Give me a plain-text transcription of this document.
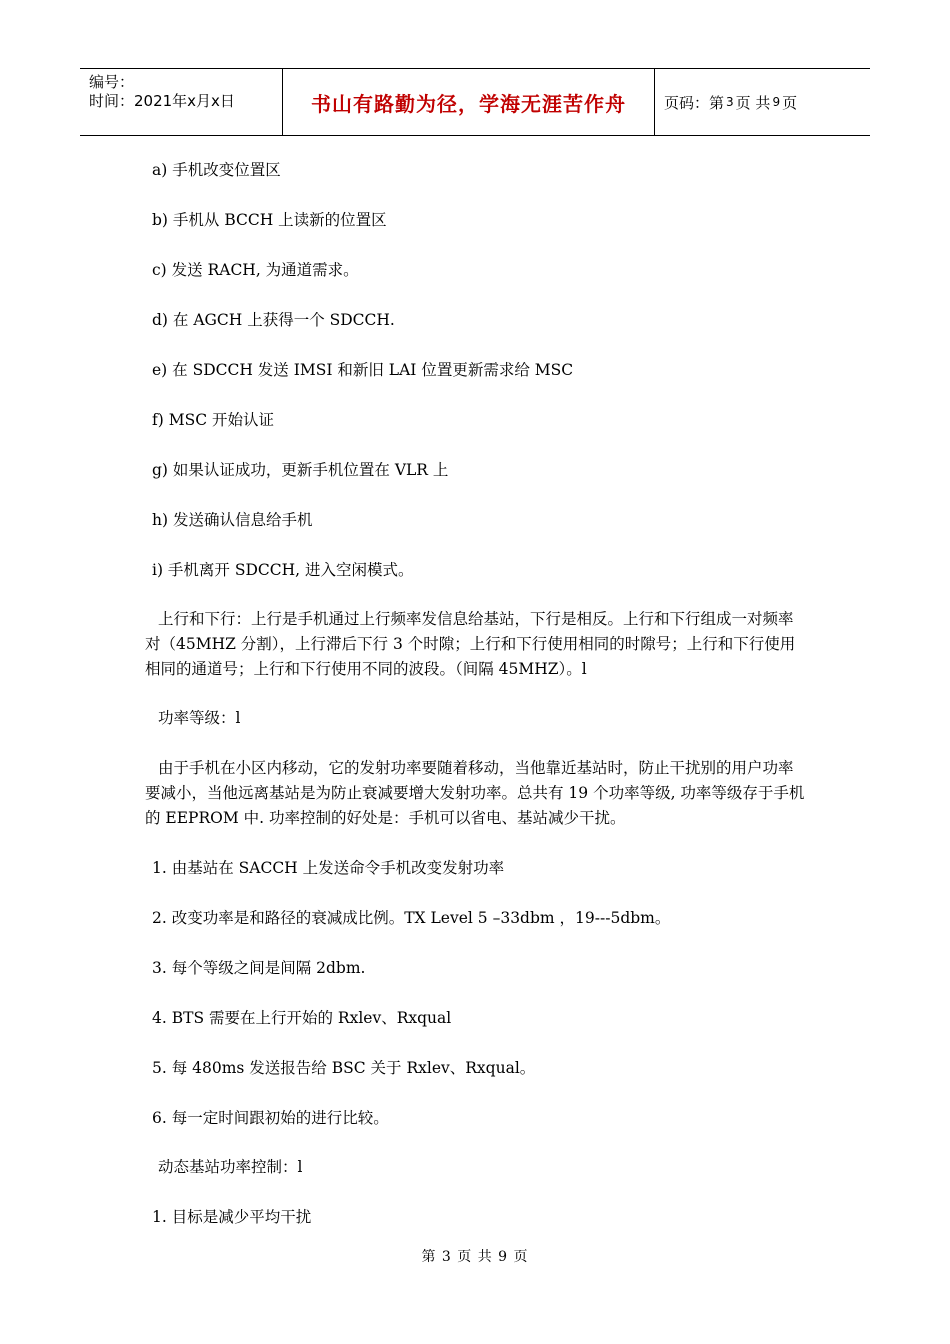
编号：
时间：2021年x月x日	书山有路勤为径，学海无涯苦作舟	页码：第 3 页 共 9 页
a) 手机改变位置区
b) 手机从 BCCH 上读新的位置区
c) 发送 RACH, 为通道需求。
d) 在 AGCH 上获得一个 SDCCH.
e) 在 SDCCH 发送 IMSI 和新旧 LAI 位置更新需求给 MSC
f) MSC 开始认证
g) 如果认证成功，更新手机位置在 VLR 上
h) 发送确认信息给手机
i) 手机离开 SDCCH, 进入空闲模式。
上行和下行：上行是手机通过上行频率发信息给基站，下行是相反。上行和下行组成一对频率对（45MHZ 分割），上行滞后下行 3 个时隙；上行和下行使用相同的时隙号；上行和下行使用相同的通道号；上行和下行使用不同的波段。（间隔 45MHZ）。l
功率等级：l
由于手机在小区内移动，它的发射功率要随着移动，当他靠近基站时，防止干扰别的用户功率要减小，当他远离基站是为防止衰减要增大发射功率。总共有 19 个功率等级, 功率等级存于手机的 EEPROM 中. 功率控制的好处是：手机可以省电、基站减少干扰。
1. 由基站在 SACCH 上发送命令手机改变发射功率
2. 改变功率是和路径的衰减成比例。TX Level 5 –33dbm ，19---5dbm。
3. 每个等级之间是间隔 2dbm.
4. BTS 需要在上行开始的 Rxlev、Rxqual
5. 每 480ms 发送报告给 BSC 关于 Rxlev、Rxqual。
6. 每一定时间跟初始的进行比较。
动态基站功率控制：l
1. 目标是减少平均干扰
第 3 页 共 9 页
